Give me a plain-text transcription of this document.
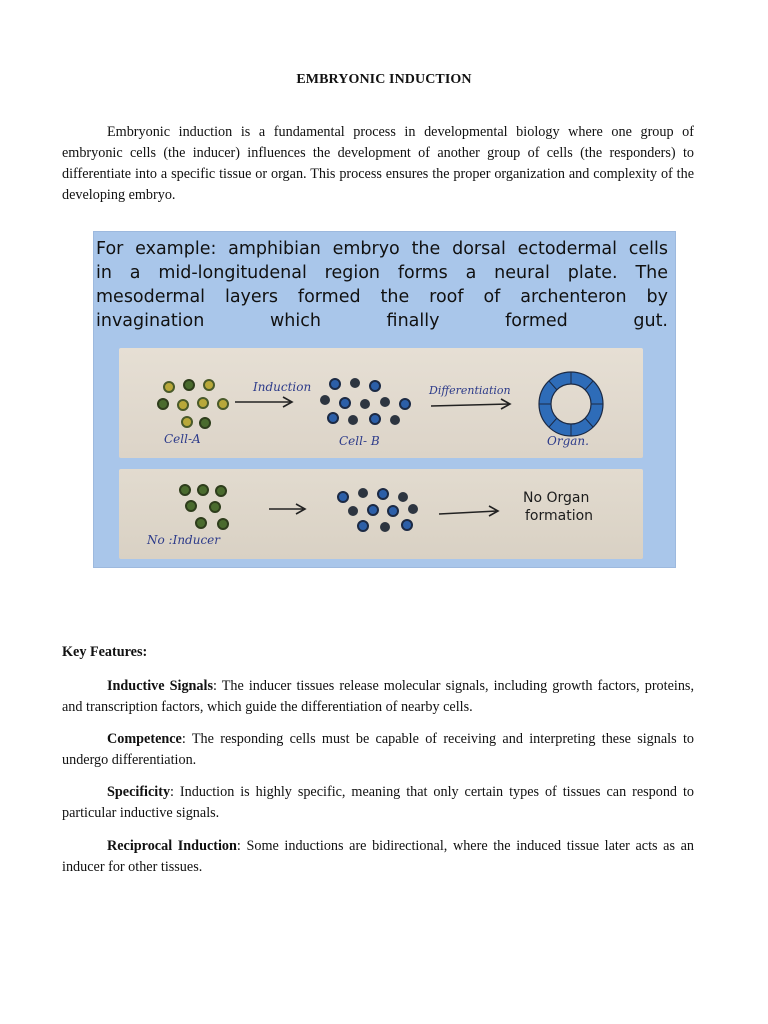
EMBRYONIC INDUCTION

Embryonic induction is a fundamental process in developmental biology where one group of embryonic cells (the inducer) influences the development of another group of cells (the responders) to differentiate into a specific tissue or organ. This process ensures the proper organization and complexity of the developing embryo.

For example: amphibian embryo the dorsal ectodermal cells
in a mid-longitudenal region forms a neural plate. The
mesodermal layers formed the roof of archenteron by
invagination which finally formed gut.

Induction	Differentiation
Cell-A	Cell- B	Organ.
No :Inducer
No Organ
formation
Key Features:

Inductive Signals: The inducer tissues release molecular signals, including growth factors, proteins, and transcription factors, which guide the differentiation of nearby cells.

Competence: The responding cells must be capable of receiving and interpreting these signals to undergo differentiation.

Specificity: Induction is highly specific, meaning that only certain types of tissues can respond to particular inductive signals.

Reciprocal Induction: Some inductions are bidirectional, where the induced tissue later acts as an inducer for other tissues.
